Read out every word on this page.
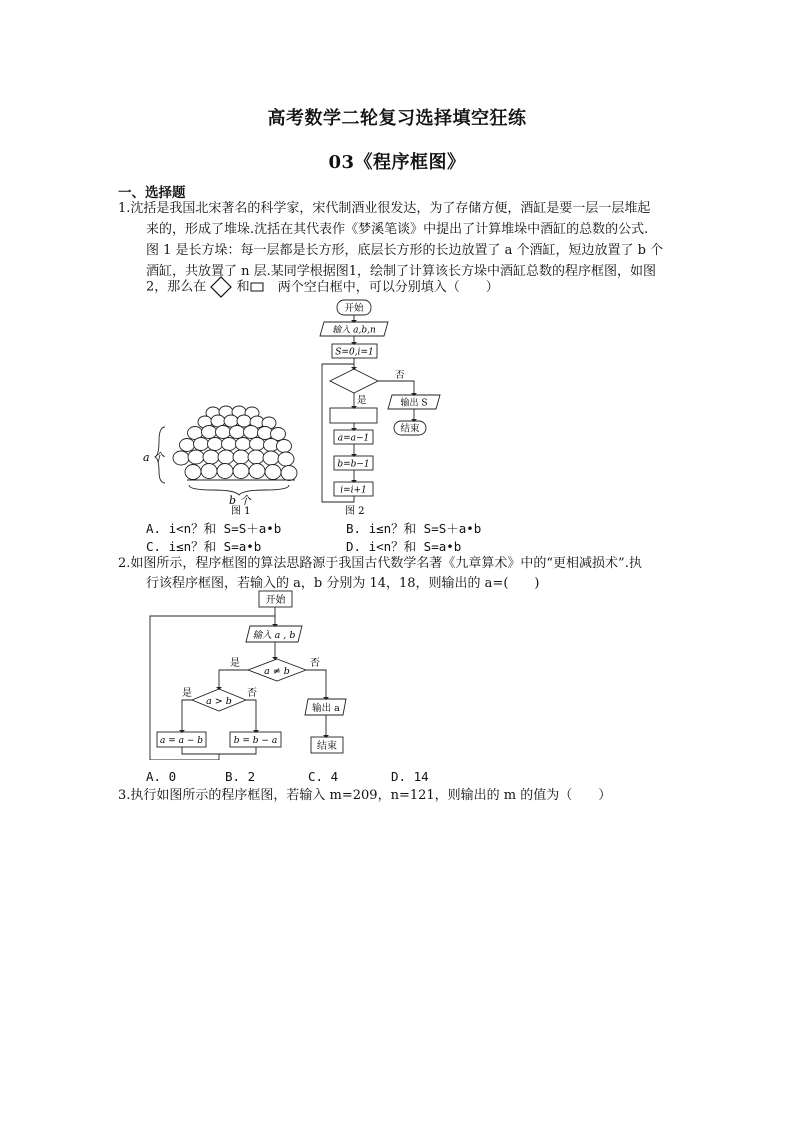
高考数学二轮复习选择填空狂练
03《程序框图》
一、选择题
1.沈括是我国北宋著名的科学家，宋代制酒业很发达，为了存储方便，酒缸是要一层一层堆起
来的，形成了堆垛.沈括在其代表作《梦溪笔谈》中提出了计算堆垛中酒缸的总数的公式.
图 1 是长方垛：每一层都是长方形，底层长方形的长边放置了 a 个酒缸，短边放置了 b 个
酒缸，共放置了 n 层.某同学根据图1，绘制了计算该长方垛中酒缸总数的程序框图，如图
2，那么在 和 两个空白框中，可以分别填入（　　）
a 个
b 个
图 1
开始
输入 a,b,n
S=0,i=1
否
是	输出 S
结束
a=a−1
b=b−1
i=i+1
图 2
A. i<n？和 S=S＋a•b	B. i≤n？和 S=S＋a•b
C. i≤n？和 S=a•b	D. i<n？和 S=a•b
2.如图所示，程序框图的算法思路源于我国古代数学名著《九章算术》中的“更相减损术”.执
行该程序框图，若输入的 a，b 分别为 14，18，则输出的 a=(　　)
开始
输入 a , b
a ≠ b
是	否
a > b
是	否
a = a − b	b = b − a
输出 a
结束
A. 0	B. 2	C. 4	D. 14
3.执行如图所示的程序框图，若输入 m=209，n=121，则输出的 m 的值为（　　）
